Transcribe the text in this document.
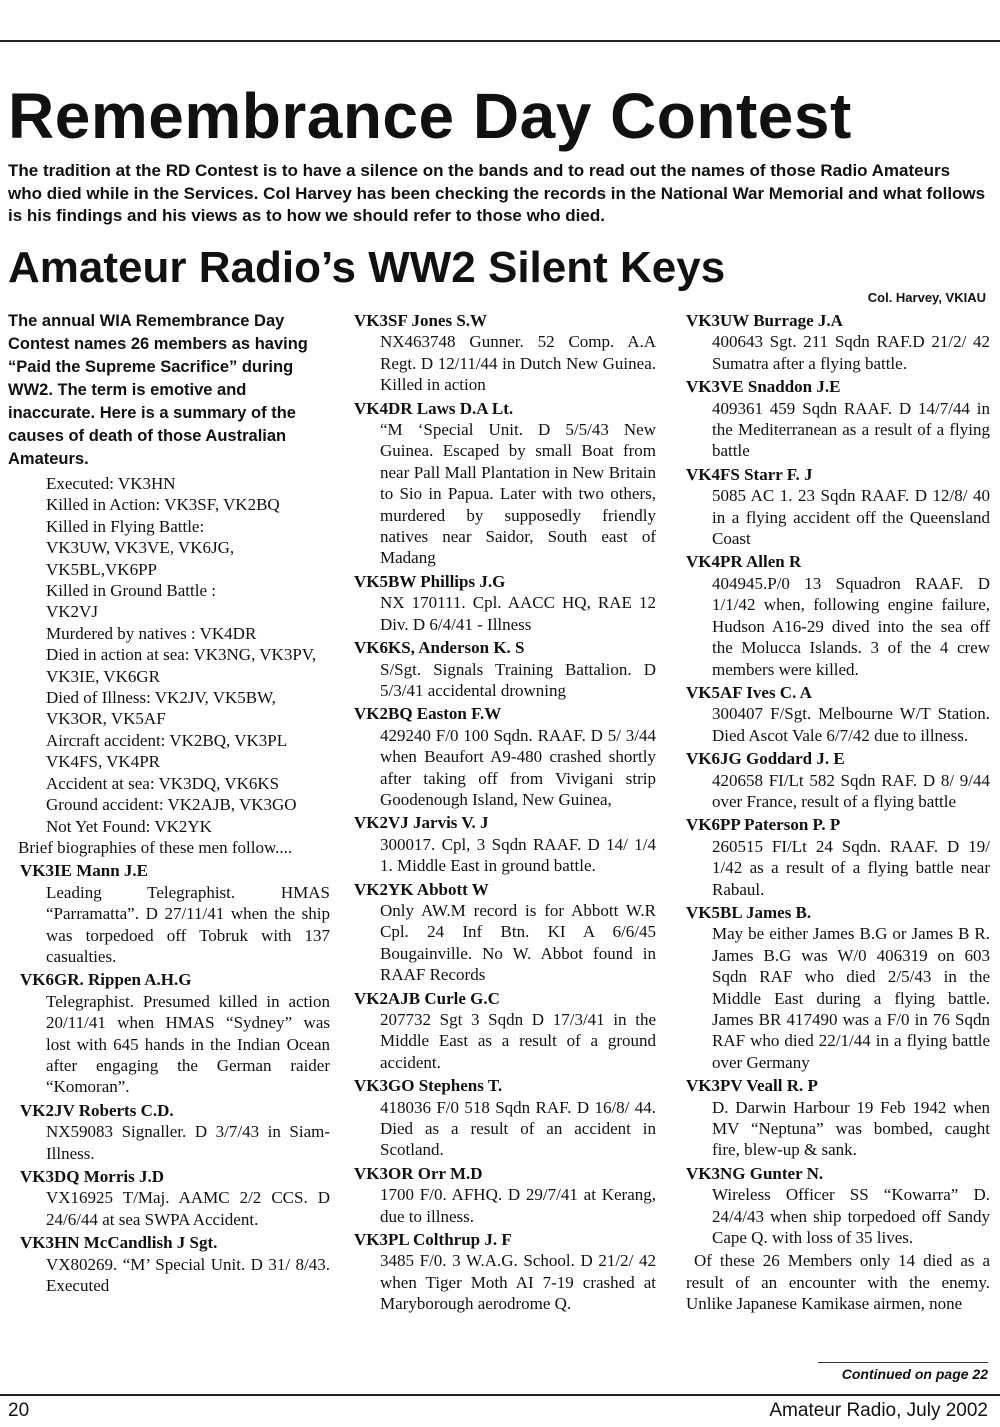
Remembrance Day Contest

The tradition at the RD Contest is to have a silence on the bands and to read out the names of those Radio Amateurs who died while in the Services. Col Harvey has been checking the records in the National War Memorial and what follows is his findings and his views as to how we should refer to those who died.

Amateur Radio’s WW2 Silent Keys

Col. Harvey, VKIAU

The annual WIA Remembrance Day Contest names 26 members as having “Paid the Supreme Sacrifice” during WW2. The term is emotive and inaccurate. Here is a summary of the causes of death of those Australian Amateurs.

Executed: VK3HN
Killed in Action: VK3SF, VK2BQ
Killed in Flying Battle:
VK3UW, VK3VE, VK6JG, VK5BL,VK6PP
Killed in Ground Battle :
VK2VJ
Murdered by natives : VK4DR
Died in action at sea: VK3NG, VK3PV, VK3IE, VK6GR
Died of Illness: VK2JV, VK5BW, VK3OR, VK5AF
Aircraft accident: VK2BQ, VK3PL VK4FS, VK4PR
Accident at sea: VK3DQ, VK6KS
Ground accident: VK2AJB, VK3GO
Not Yet Found: VK2YK

Brief biographies of these men follow....

VK3IE Mann J.E
Leading Telegraphist. HMAS “Parramatta”. D 27/11/41 when the ship was torpedoed off Tobruk with 137 casualties.
VK6GR. Rippen A.H.G
Telegraphist. Presumed killed in action 20/11/41 when HMAS “Sydney” was lost with 645 hands in the Indian Ocean after engaging the German raider “Komoran”.
VK2JV Roberts C.D.
NX59083 Signaller. D 3/7/43 in Siam- Illness.
VK3DQ Morris J.D
VX16925 T/Maj. AAMC 2/2 CCS. D 24/6/44 at sea SWPA Accident.
VK3HN McCandlish J Sgt.
VX80269. “M’ Special Unit. D 31/ 8/43. Executed
VK3SF Jones S.W
NX463748 Gunner. 52 Comp. A.A Regt. D 12/11/44 in Dutch New Guinea. Killed in action
VK4DR Laws D.A Lt.
“M ‘Special Unit. D 5/5/43 New Guinea. Escaped by small Boat from near Pall Mall Plantation in New Britain to Sio in Papua. Later with two others, murdered by supposedly friendly natives near Saidor, South east of Madang
VK5BW Phillips J.G
NX 170111. Cpl. AACC HQ, RAE 12 Div. D 6/4/41 - Illness
VK6KS, Anderson K. S
S/Sgt. Signals Training Battalion. D 5/3/41 accidental drowning
VK2BQ Easton F.W
429240 F/0 100 Sqdn. RAAF. D 5/ 3/44 when Beaufort A9-480 crashed shortly after taking off from Vivigani strip Goodenough Island, New Guinea,
VK2VJ Jarvis V. J
300017. Cpl, 3 Sqdn RAAF. D 14/ 1/4 1. Middle East in ground battle.
VK2YK Abbott W
Only AW.M record is for Abbott W.R Cpl. 24 Inf Btn. KI A 6/6/45 Bougainville. No W. Abbot found in RAAF Records
VK2AJB Curle G.C
207732 Sgt 3 Sqdn D 17/3/41 in the Middle East as a result of a ground accident.
VK3GO Stephens T.
418036 F/0 518 Sqdn RAF. D 16/8/ 44. Died as a result of an accident in Scotland.
VK3OR Orr M.D
1700 F/0. AFHQ. D 29/7/41 at Kerang, due to illness.
VK3PL Colthrup J. F
3485 F/0. 3 W.A.G. School. D 21/2/ 42 when Tiger Moth AI 7-19 crashed at Maryborough aerodrome Q.
VK3UW Burrage J.A
400643 Sgt. 211 Sqdn RAF.D 21/2/ 42 Sumatra after a flying battle.
VK3VE Snaddon J.E
409361 459 Sqdn RAAF. D 14/7/44 in the Mediterranean as a result of a flying battle
VK4FS Starr F. J
5085 AC 1. 23 Sqdn RAAF. D 12/8/ 40 in a flying accident off the Queensland Coast
VK4PR Allen R
404945.P/0 13 Squadron RAAF. D 1/1/42 when, following engine failure, Hudson A16-29 dived into the sea off the Molucca Islands. 3 of the 4 crew members were killed.
VK5AF Ives C. A
300407 F/Sgt. Melbourne W/T Station. Died Ascot Vale 6/7/42 due to illness.
VK6JG Goddard J. E
420658 FI/Lt 582 Sqdn RAF. D 8/ 9/44 over France, result of a flying battle
VK6PP Paterson P. P
260515 FI/Lt 24 Sqdn. RAAF. D 19/ 1/42 as a result of a flying battle near Rabaul.
VK5BL James B.
May be either James B.G or James B R. James B.G was W/0 406319 on 603 Sqdn RAF who died 2/5/43 in the Middle East during a flying battle. James BR 417490 was a F/0 in 76 Sqdn RAF who died 22/1/44 in a flying battle over Germany
VK3PV Veall R. P
D. Darwin Harbour 19 Feb 1942 when MV “Neptuna” was bombed, caught fire, blew-up & sank.
VK3NG Gunter N.
Wireless Officer SS “Kowarra” D. 24/4/43 when ship torpedoed off Sandy Cape Q. with loss of 35 lives.

Of these 26 Members only 14 died as a result of an encounter with the enemy. Unlike Japanese Kamikase airmen, none

Continued on page 22

20	Amateur Radio, July 2002
